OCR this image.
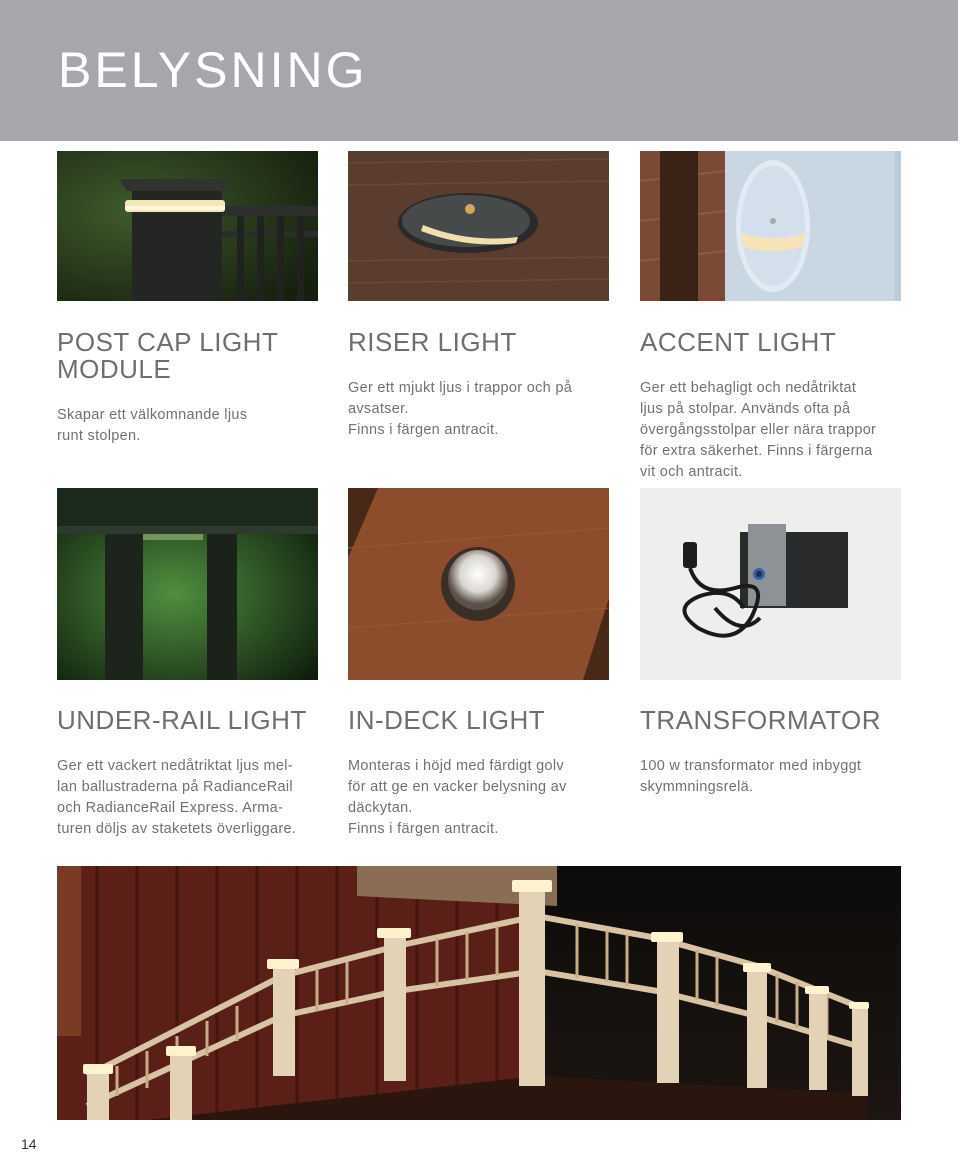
BELYSNING
POST CAP LIGHT
MODULE

Skapar ett välkomnande ljus
runt stolpen.

RISER LIGHT

Ger ett mjukt ljus i trappor och på
avsatser.
Finns i färgen antracit.

ACCENT LIGHT

Ger ett behagligt och nedåtriktat
ljus på stolpar. Används ofta på
övergångsstolpar eller nära trappor
för extra säkerhet. Finns i färgerna
vit och antracit.

UNDER-RAIL LIGHT

Ger ett vackert nedåtriktat ljus mel-
lan ballustraderna på RadianceRail
och RadianceRail Express. Arma-
turen döljs av staketets överliggare.

IN-DECK LIGHT

Monteras i höjd med färdigt golv
för att ge en vacker belysning av
däckytan.
Finns i färgen antracit.

TRANSFORMATOR

100 w transformator med inbyggt
skymmningsrelä.

14
